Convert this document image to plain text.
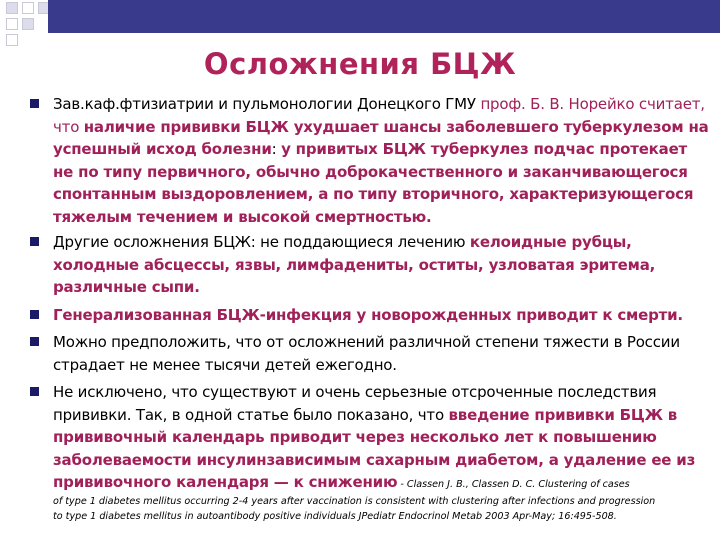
Осложнения БЦЖ
Зав.каф.фтизиатрии и пульмонологии Донецкого ГМУ проф. Б. В. Норейко считает, что наличие прививки БЦЖ ухудшает шансы заболевшего туберкулезом на успешный исход болезни: у привитых БЦЖ туберкулез подчас протекает не по типу первичного, обычно доброкачественного и заканчивающегося спонтанным выздоровлением, а по типу вторичного, характеризующегося тяжелым течением и высокой смертностью.
Другие осложнения БЦЖ: не поддающиеся лечению келоидные рубцы, холодные абсцессы, язвы, лимфадениты, оститы, узловатая эритема, различные сыпи.
Генерализованная БЦЖ-инфекция у новорожденных приводит к смерти.
Можно предположить, что от осложнений различной степени тяжести в России страдает не менее тысячи детей ежегодно.
Не исключено, что существуют и очень серьезные отсроченные последствия прививки. Так, в одной статье было показано, что введение прививки БЦЖ в прививочный календарь приводит через несколько лет к повышению заболеваемости инсулинзависимым сахарным диабетом, а удаление ее из прививочного календаря — к снижению - Classen J. B., Classen D. C. Clustering of cases
of type 1 diabetes mellitus occurring 2-4 years after vaccination is consistent with clustering after infections and progression
to type 1 diabetes mellitus in autoantibody positive individuals JPediatr Endocrinol Metab 2003 Apr-May; 16:495-508.
